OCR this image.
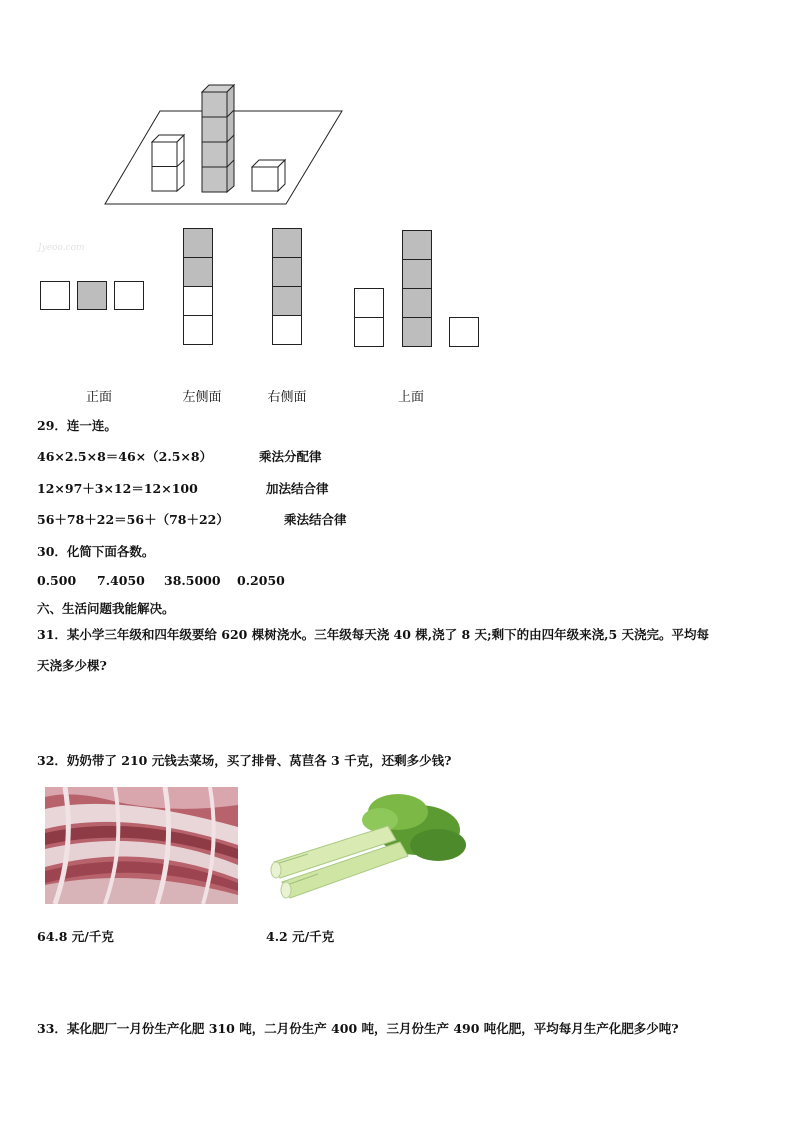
Jyeoo.com
正面	左侧面	右侧面	上面
29．连一连。
46×2.5×8＝46×（2.5×8）	乘法分配律
12×97＋3×12＝12×100	加法结合律
56＋78＋22＝56＋（78＋22）	乘法结合律
30．化简下面各数。
0.500 7.4050 38.5000 0.2050
六、生活问题我能解决。
31．某小学三年级和四年级要给 620 棵树浇水。三年级每天浇 40 棵,浇了 8 天;剩下的由四年级来浇,5 天浇完。平均每
天浇多少棵?
32．奶奶带了 210 元钱去菜场，买了排骨、莴苣各 3 千克，还剩多少钱?
64.8 元/千克	4.2 元/千克
33．某化肥厂一月份生产化肥 310 吨，二月份生产 400 吨，三月份生产 490 吨化肥，平均每月生产化肥多少吨?
